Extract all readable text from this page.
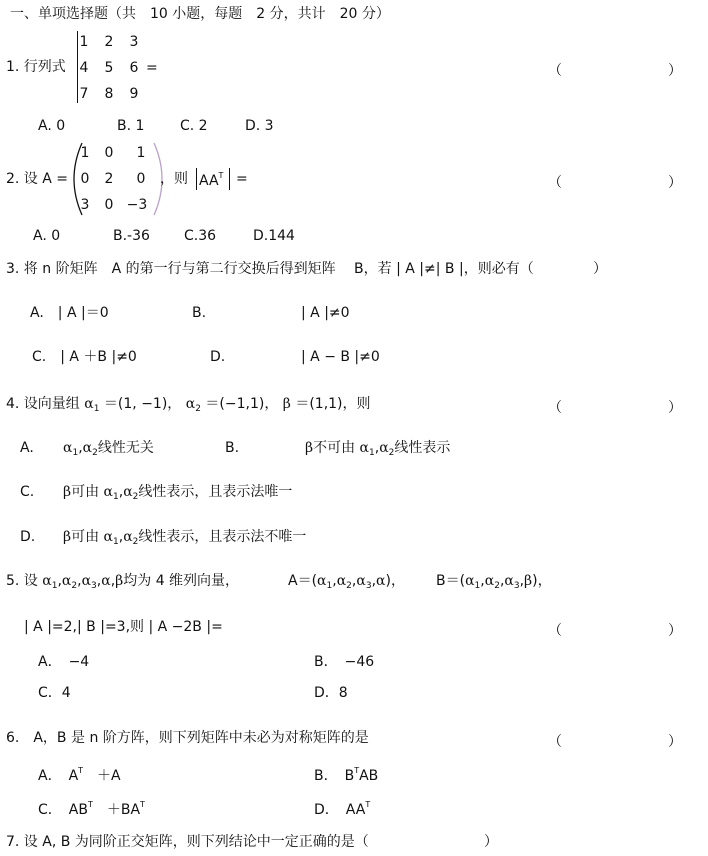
一、单项选择题（共　10 小题，每题　2 分，共计　20 分）
1. 行列式
1	2	3
4	5	6
7	8	9
=	（　　）
A. 0	B. 1	C. 2	D. 3
2. 设 A =
1	0	1
0	2	0
3	0 −3
，则 $AA^T$ =	（　　）
A. 0	B.-36 C.36	D.144
3. 将 n 阶矩阵　A 的第一行与第二行交换后得到矩阵　 B，若 | A |≠| B |，则必有（	）
A.　| A |＝0	B.	| A |≠0
C.　| A ＋B |≠0	D.	| A − B |≠0
4. 设向量组 $\alpha_1 =(1$, −1)， $\alpha_2 =(-1,1)$， β ＝(1,1)，则	（　　）
A. $\alpha_1,\alpha_2$线性无关	B.	β不可由 $\alpha_1,\alpha_2$线性表示
C. β可由 $\alpha_1,\alpha_2$线性表示，且表示法唯一
D. β可由 $\alpha_1,\alpha_2$线性表示，且表示法不唯一
5. 设 $\alpha_1,\alpha_2,\alpha_3,\alpha,\beta$均为 4 维列向量，	$A=(\alpha_1,\alpha_2,\alpha_3,\alpha)$， $B=(\alpha_1,\alpha_2,\alpha_3,\beta)$，
| A |=2,| B |=3,则 | A −2B |=	（　　）
A．　−4	B．　−46
C．4	D．8
6.　A，B 是 n 阶方阵，则下列矩阵中未必为对称矩阵的是	（　　）
A．　$A^T$　＋A	B．　$B^TAB$
C．　$AB^T$　$+BA^T$	D．　$AA^T$
7. 设 A, B 为同阶正交矩阵，则下列结论中一定正确的是（	）
